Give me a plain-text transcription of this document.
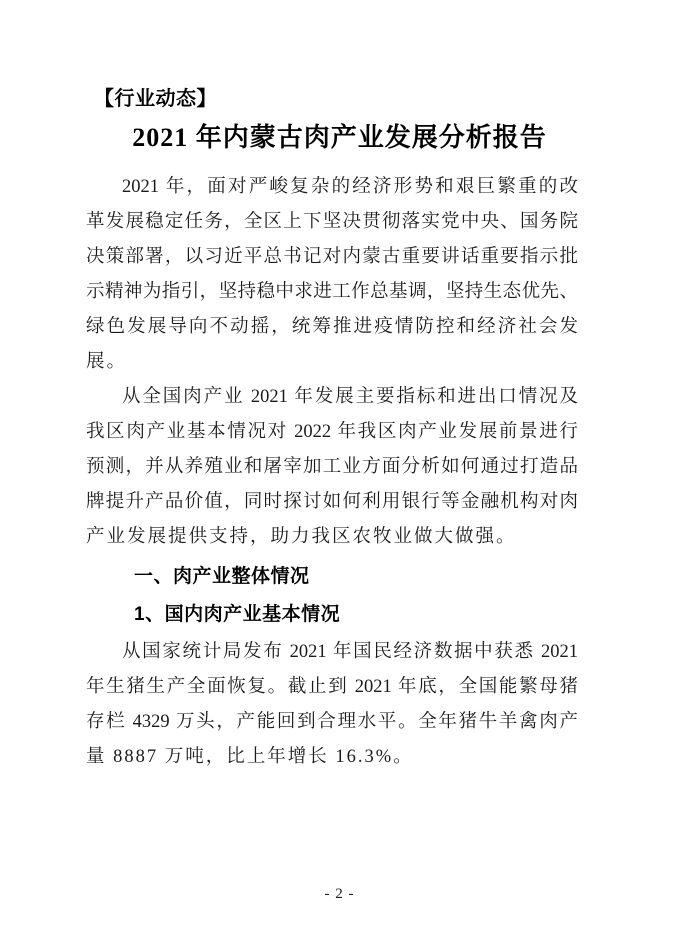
【行业动态】
2021 年内蒙古肉产业发展分析报告
2021 年，面对严峻复杂的经济形势和艰巨繁重的改
革发展稳定任务，全区上下坚决贯彻落实党中央、国务院
决策部署，以习近平总书记对内蒙古重要讲话重要指示批
示精神为指引，坚持稳中求进工作总基调，坚持生态优先、
绿色发展导向不动摇，统筹推进疫情防控和经济社会发
展。
从全国肉产业 2021 年发展主要指标和进出口情况及
我区肉产业基本情况对 2022 年我区肉产业发展前景进行
预测，并从养殖业和屠宰加工业方面分析如何通过打造品
牌提升产品价值，同时探讨如何利用银行等金融机构对肉
产业发展提供支持，助力我区农牧业做大做强。
一、肉产业整体情况
1、国内肉产业基本情况
从国家统计局发布 2021 年国民经济数据中获悉 2021
年生猪生产全面恢复。截止到 2021 年底，全国能繁母猪
存栏 4329 万头，产能回到合理水平。全年猪牛羊禽肉产
量 8887 万吨，比上年增长 16.3%。
- 2 -
